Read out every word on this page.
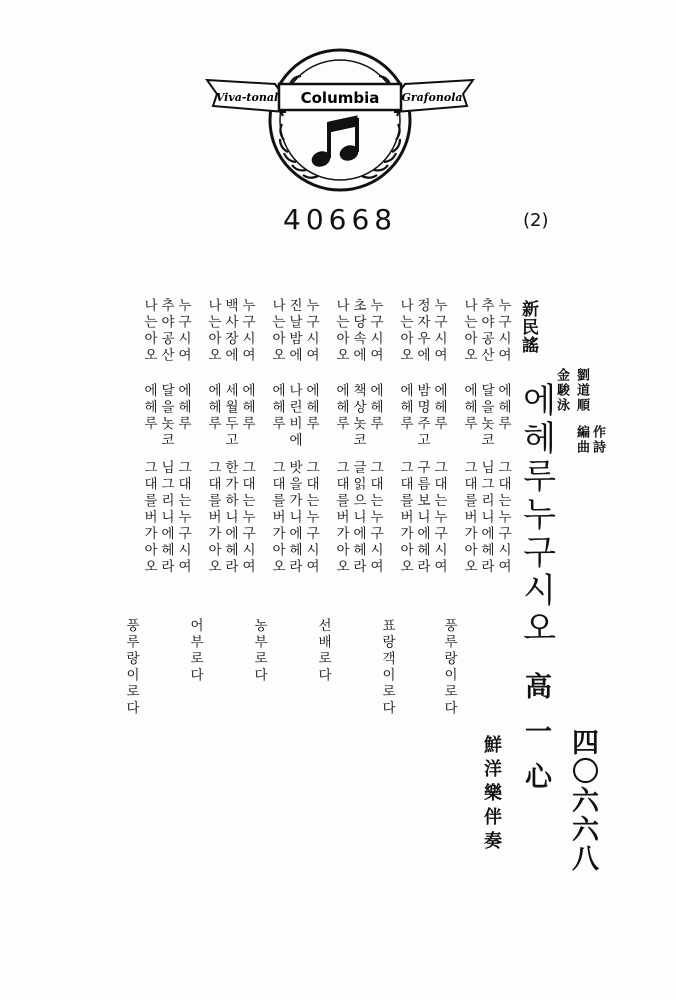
Viva-tonal Columbia Grafonola
40668	(2)
劉道順
金駿泳
作詩
編曲
新民謠
에헤루누구시오
高一心 四〇六六八
鮮洋樂伴奏
누구시여
추야공산
나는아오
에헤루
달을놋코
에헤루
그대는누구시여
님그리니에헤라
그대를버가아오
풍루랑이로다
누구시여
정자우에
나는아오
에헤루
밤명주고
에헤루
그대는누구시여
구름보니에헤라
그대를버가아오
표랑객이로다
누구시여
초당속에
나는아오
에헤루
책상놋코
에헤루
그대는누구시여
글읽으니에헤라
그대를버가아오
선배로다
누구시여
진날밤에
나는아오
에헤루
나린비에
에헤루
그대는누구시여
밧을가니에헤라
그대를버가아오
농부로다
누구시여
백사장에
나는아오
에헤루
세월두고
에헤루
그대는누구시여
한가하니에헤라
그대를버가아오
어부로다
누구시여
추야공산
나는아오
에헤루
달을놋코
에헤루
그대는누구시여
님그리니에헤라
그대를버가아오
풍루랑이로다
